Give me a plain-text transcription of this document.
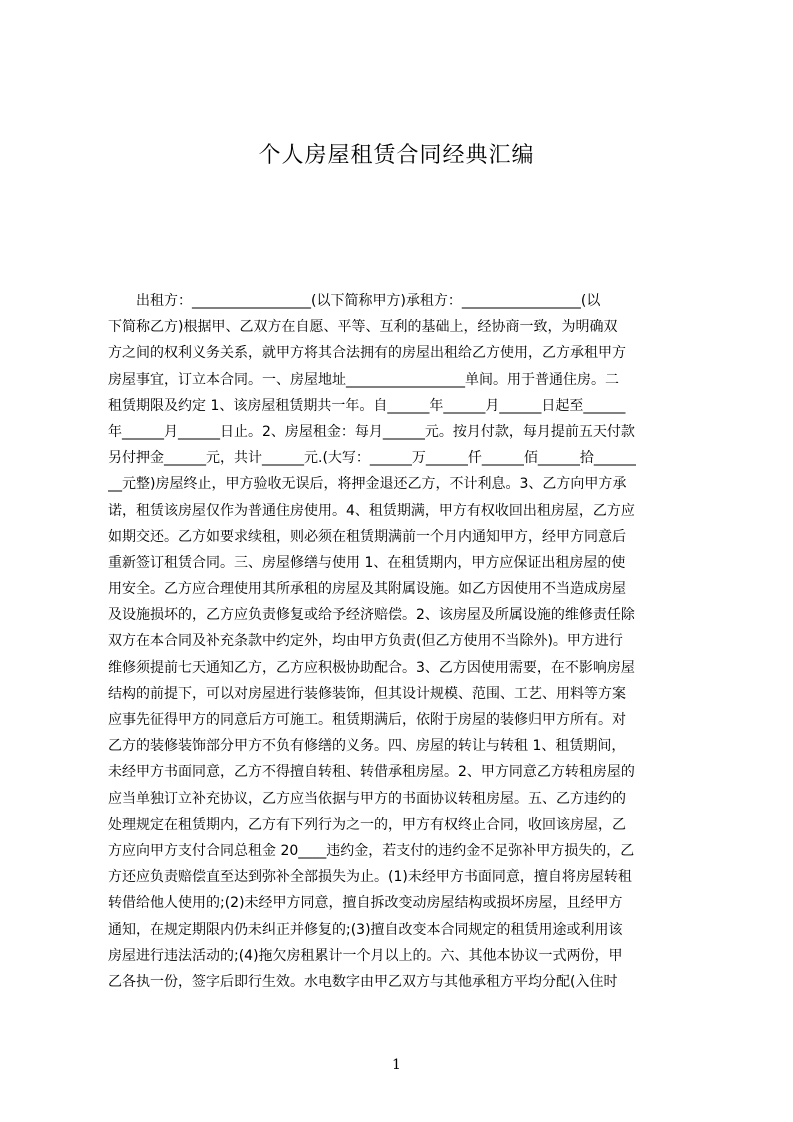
个人房屋租赁合同经典汇编
　　出租方：_________________(以下简称甲方)承租方：_________________(以
下简称乙方)根据甲、乙双方在自愿、平等、互利的基础上，经协商一致，为明确双
方之间的权利义务关系，就甲方将其合法拥有的房屋出租给乙方使用，乙方承租甲方
房屋事宜，订立本合同。一、房屋地址_________________单间。用于普通住房。二
租赁期限及约定 1、该房屋租赁期共一年。自______年______月______日起至______
年______月______日止。2、房屋租金：每月______元。按月付款，每月提前五天付款
另付押金______元，共计______元.(大写：______万______仟______佰______拾______
__元整)房屋终止，甲方验收无误后，将押金退还乙方，不计利息。3、乙方向甲方承
诺，租赁该房屋仅作为普通住房使用。4、租赁期满，甲方有权收回出租房屋，乙方应
如期交还。乙方如要求续租，则必须在租赁期满前一个月内通知甲方，经甲方同意后
重新签订租赁合同。三、房屋修缮与使用 1、在租赁期内，甲方应保证出租房屋的使
用安全。乙方应合理使用其所承租的房屋及其附属设施。如乙方因使用不当造成房屋
及设施损坏的，乙方应负责修复或给予经济赔偿。2、该房屋及所属设施的维修责任除
双方在本合同及补充条款中约定外，均由甲方负责(但乙方使用不当除外)。甲方进行
维修须提前七天通知乙方，乙方应积极协助配合。3、乙方因使用需要，在不影响房屋
结构的前提下，可以对房屋进行装修装饰，但其设计规模、范围、工艺、用料等方案
应事先征得甲方的同意后方可施工。租赁期满后，依附于房屋的装修归甲方所有。对
乙方的装修装饰部分甲方不负有修缮的义务。四、房屋的转让与转租 1、租赁期间，
未经甲方书面同意，乙方不得擅自转租、转借承租房屋。2、甲方同意乙方转租房屋的
应当单独订立补充协议，乙方应当依据与甲方的书面协议转租房屋。五、乙方违约的
处理规定在租赁期内，乙方有下列行为之一的，甲方有权终止合同，收回该房屋，乙
方应向甲方支付合同总租金 20____违约金，若支付的违约金不足弥补甲方损失的，乙
方还应负责赔偿直至达到弥补全部损失为止。(1)未经甲方书面同意，擅自将房屋转租
转借给他人使用的;(2)未经甲方同意，擅自拆改变动房屋结构或损坏房屋，且经甲方
通知，在规定期限内仍未纠正并修复的;(3)擅自改变本合同规定的租赁用途或利用该
房屋进行违法活动的;(4)拖欠房租累计一个月以上的。六、其他本协议一式两份，甲
乙各执一份，签字后即行生效。水电数字由甲乙双方与其他承租方平均分配(入住时
1
